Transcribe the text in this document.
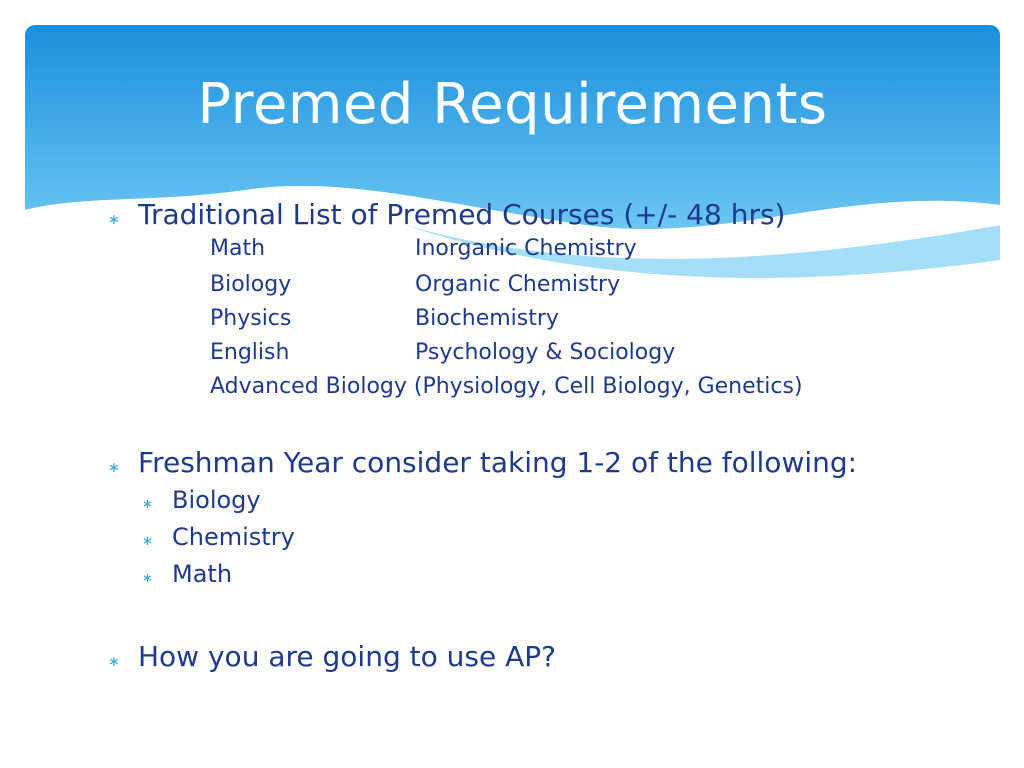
Premed Requirements
∗ Traditional List of Premed Courses (+/- 48 hrs)
Math	Inorganic Chemistry
Biology	Organic Chemistry
Physics	Biochemistry
English	Psychology & Sociology
Advanced Biology (Physiology, Cell Biology, Genetics)
∗ Freshman Year consider taking 1-2 of the following:
∗ Biology
∗ Chemistry
∗ Math
∗ How you are going to use AP?
